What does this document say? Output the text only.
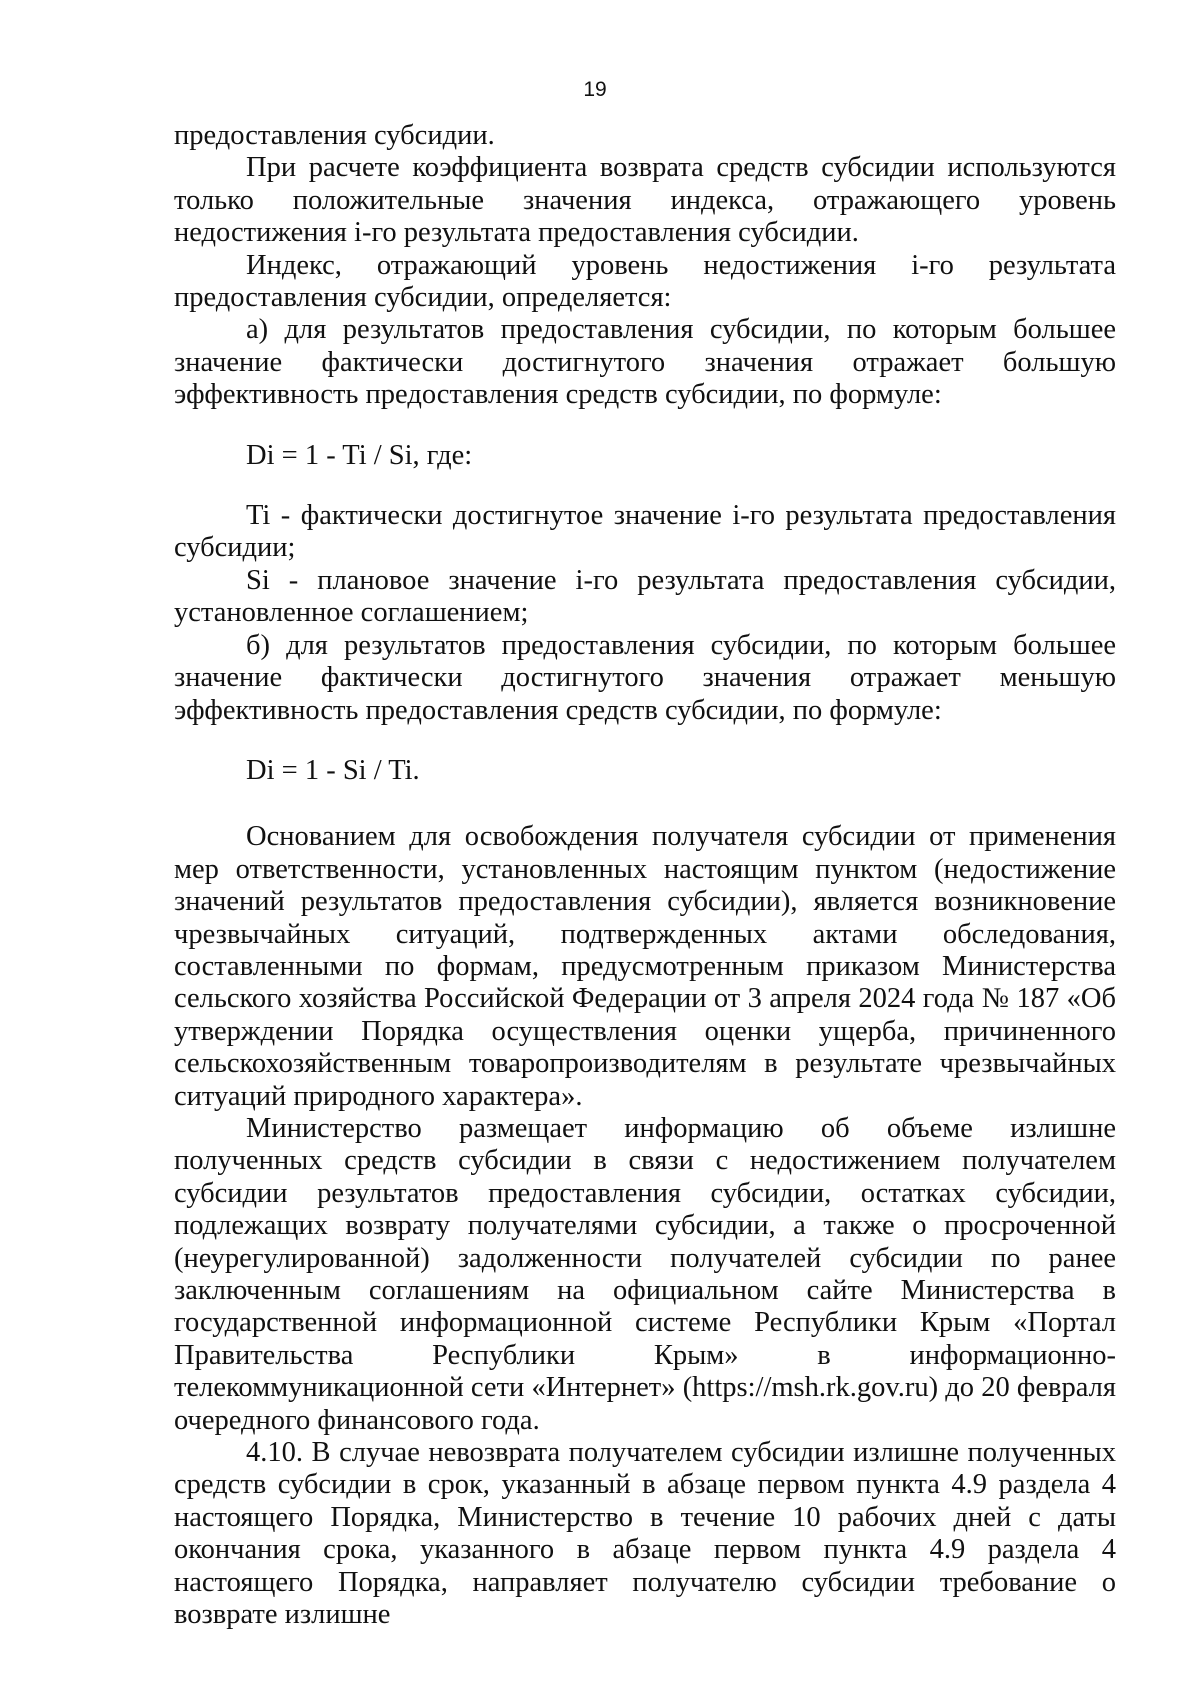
19

предоставления субсидии.

При расчете коэффициента возврата средств субсидии используются только положительные значения индекса, отражающего уровень недостижения i-го результата предоставления субсидии.

Индекс, отражающий уровень недостижения i-го результата предоставления субсидии, определяется:

а) для результатов предоставления субсидии, по которым большее значение фактически достигнутого значения отражает большую эффективность предоставления средств субсидии, по формуле:

Di = 1 - Ti / Si, где:

Ti - фактически достигнутое значение i-го результата предоставления субсидии;

Si - плановое значение i-го результата предоставления субсидии, установленное соглашением;

б) для результатов предоставления субсидии, по которым большее значение фактически достигнутого значения отражает меньшую эффективность предоставления средств субсидии, по формуле:

Di = 1 - Si / Ti.

Основанием для освобождения получателя субсидии от применения мер ответственности, установленных настоящим пунктом (недостижение значений результатов предоставления субсидии), является возникновение чрезвычайных ситуаций, подтвержденных актами обследования, составленными по формам, предусмотренным приказом Министерства сельского хозяйства Российской Федерации от 3 апреля 2024 года № 187 «Об утверждении Порядка осуществления оценки ущерба, причиненного сельскохозяйственным товаропроизводителям в результате чрезвычайных ситуаций природного характера».

Министерство размещает информацию об объеме излишне полученных средств субсидии в связи с недостижением получателем субсидии результатов предоставления субсидии, остатках субсидии, подлежащих возврату получателями субсидии, а также о просроченной (неурегулированной) задолженности получателей субсидии по ранее заключенным соглашениям на официальном сайте Министерства в государственной информационной системе Республики Крым «Портал Правительства Республики Крым» в информационно-телекоммуникационной сети «Интернет» (https://msh.rk.gov.ru) до 20 февраля очередного финансового года.

4.10. В случае невозврата получателем субсидии излишне полученных средств субсидии в срок, указанный в абзаце первом пункта 4.9 раздела 4 настоящего Порядка, Министерство в течение 10 рабочих дней с даты окончания срока, указанного в абзаце первом пункта 4.9 раздела 4 настоящего Порядка, направляет получателю субсидии требование о возврате излишне
